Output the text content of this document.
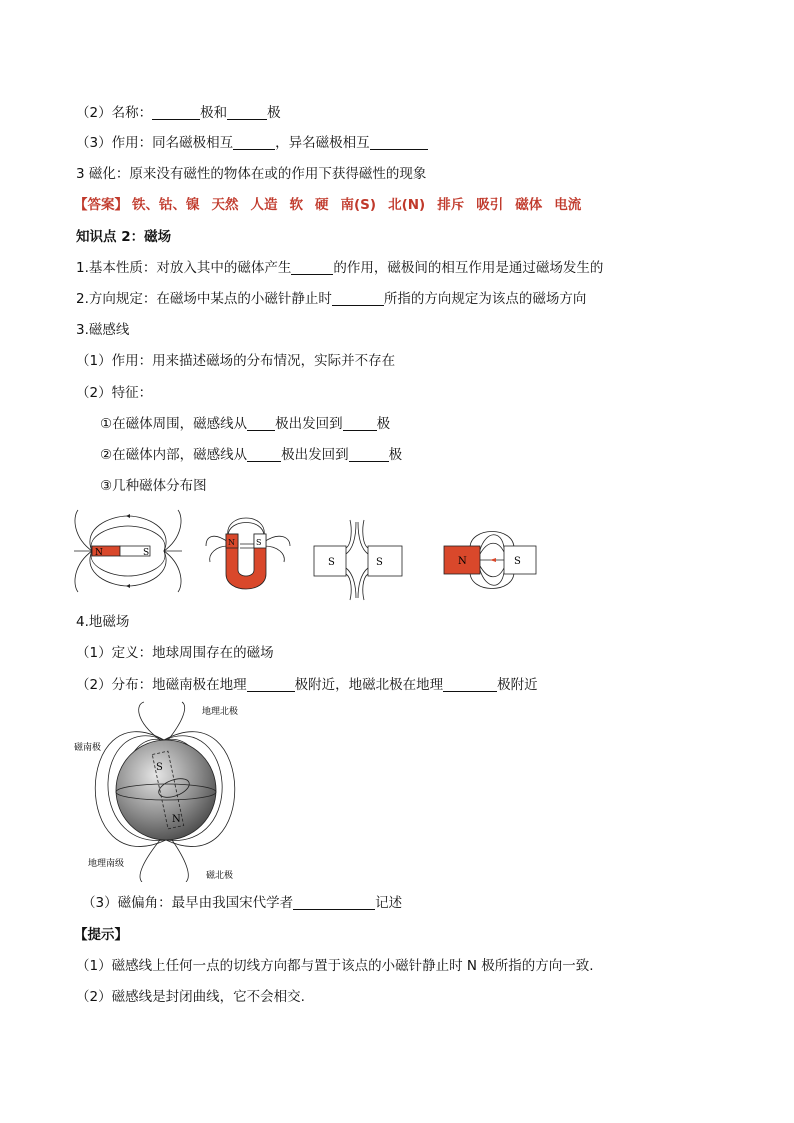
（2）名称：	极和	极
（3）作用：同名磁极相互	，异名磁极相互
3 磁化：原来没有磁性的物体在或的作用下获得磁性的现象
【答案】 铁、钴、镍 天然 人造 软 硬 南(S) 北(N) 排斥 吸引 磁体 电流
知识点 2：磁场
1.基本性质：对放入其中的磁体产生	的作用，磁极间的相互作用是通过磁场发生的
2.方向规定：在磁场中某点的小磁针静止时	所指的方向规定为该点的磁场方向
3.磁感线
（1）作用：用来描述磁场的分布情况，实际并不存在
（2）特征：
①在磁体周围，磁感线从 极出发回到	极
②在磁体内部，磁感线从	极出发回到	极
③几种磁体分布图
N	S
N	S
S	S	N	S
4.地磁场
（1）定义：地球周围存在的磁场
（2）分布：地磁南极在地理	极附近，地磁北极在地理	极附近
S
N
地理北极
磁南极
地理南级
磁北极
（3）磁偏角：最早由我国宋代学者	记述
【提示】
（1）磁感线上任何一点的切线方向都与置于该点的小磁针静止时 N 极所指的方向一致.
（2）磁感线是封闭曲线，它不会相交.
